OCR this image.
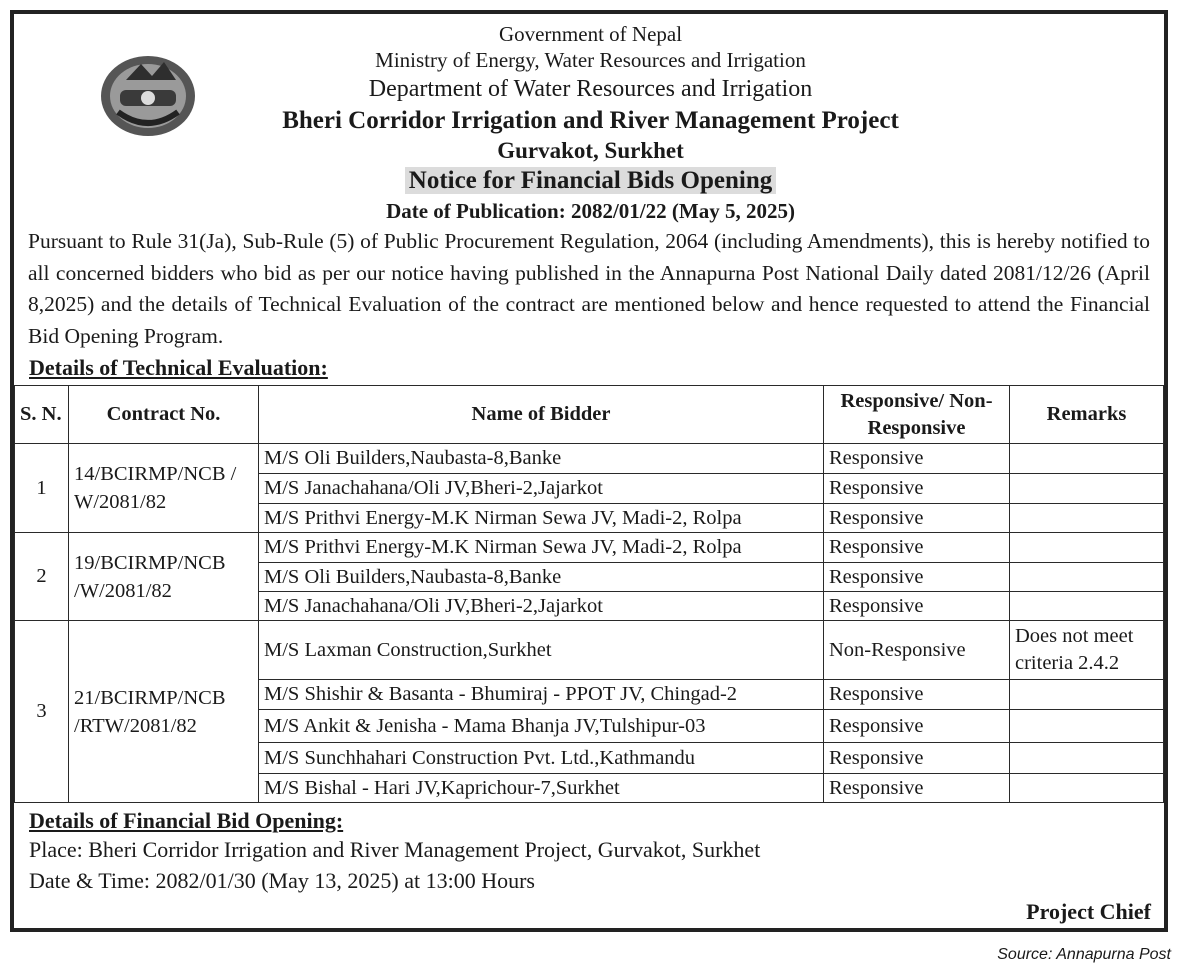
Government of Nepal
Ministry of Energy, Water Resources and Irrigation
Department of Water Resources and Irrigation
Bheri Corridor Irrigation and River Management Project
Gurvakot, Surkhet
Notice for Financial Bids Opening
Date of Publication: 2082/01/22 (May 5, 2025)
Pursuant to Rule 31(Ja), Sub-Rule (5) of Public Procurement Regulation, 2064 (including Amendments), this is hereby notified to all concerned bidders who bid as per our notice having published in the Annapurna Post National Daily dated 2081/12/26 (April 8,2025) and the details of Technical Evaluation of the contract are mentioned below and hence requested to attend the Financial Bid Opening Program.
Details of Technical Evaluation:
S. N.	Contract No.	Name of Bidder	Responsive/ Non-Responsive	Remarks
1	14/BCIRMP/NCB / W/2081/82	M/S Oli Builders,Naubasta-8,Banke	Responsive	
		M/S Janachahana/Oli JV,Bheri-2,Jajarkot	Responsive	
		M/S Prithvi Energy-M.K Nirman Sewa JV, Madi-2, Rolpa	Responsive	
2	19/BCIRMP/NCB /W/2081/82	M/S Prithvi Energy-M.K Nirman Sewa JV, Madi-2, Rolpa	Responsive	
		M/S Oli Builders,Naubasta-8,Banke	Responsive	
		M/S Janachahana/Oli JV,Bheri-2,Jajarkot	Responsive	
3	21/BCIRMP/NCB /RTW/2081/82	M/S Laxman Construction,Surkhet	Non-Responsive	Does not meet criteria 2.4.2
		M/S Shishir & Basanta - Bhumiraj - PPOT JV, Chingad-2	Responsive	
		M/S Ankit & Jenisha - Mama Bhanja JV,Tulshipur-03	Responsive	
		M/S Sunchhahari Construction Pvt. Ltd.,Kathmandu	Responsive	
		M/S Bishal - Hari JV,Kaprichour-7,Surkhet	Responsive	
Details of Financial Bid Opening:
Place: Bheri Corridor Irrigation and River Management Project, Gurvakot, Surkhet
Date & Time: 2082/01/30 (May 13, 2025) at 13:00 Hours
Project Chief
Source: Annapurna Post
